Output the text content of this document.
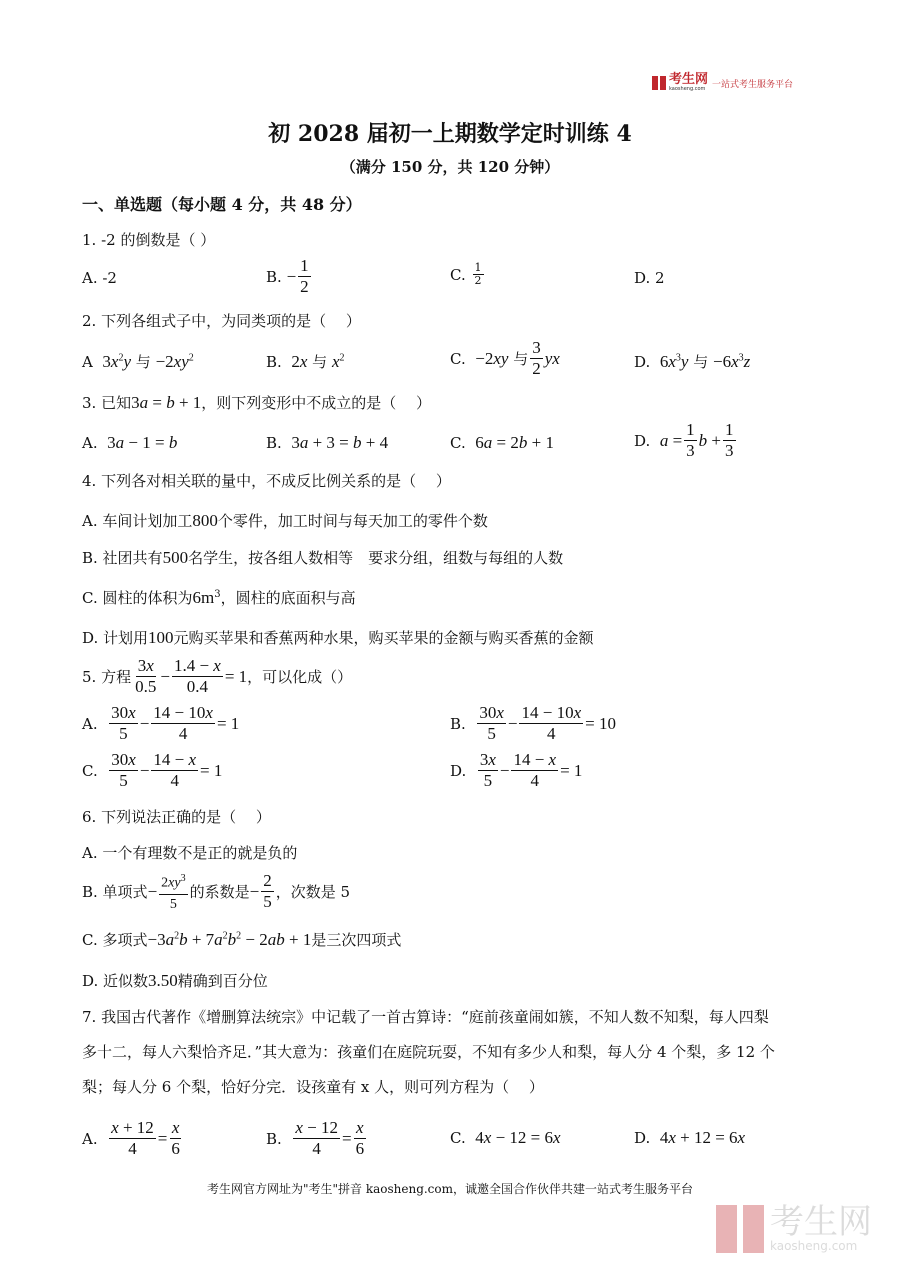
考生网
kaosheng.com 一站式考生服务平台
初 2028 届初一上期数学定时训练 4
（满分 150 分，共 120 分钟）
一、单选题（每小题 4 分，共 48 分）
1. -2 的倒数是（ ）
A. -2	B.
− $\frac{1}{2}$	C.
$\frac{1}{2}$	D. 2
2. 下列各组式子中，为同类项的是（　 ）
A $3x^2y$ 与 $-2xy^2$	B. 2x 与 $x^2$	C.
−2xy
与 $\frac{3}{2}$ yx	D. $6x^3y$ 与 $-6x^3z$
3. 已知3a = b + 1，则下列变形中不成立的是（　 ）
A. 3a − 1 = b	B. 3a + 3 = b + 4	C. 6a = 2b + 1	D.
$a = \frac{1}{3}$ $b + \frac{1}{3}$
4. 下列各对相关联的量中，不成反比例关系的是（　 ）
A. 车间计划加工800个零件，加工时间与每天加工的零件个数
B. 社团共有500名学生，按各组人数相等　要求分组，组数与每组的人数
C. 圆柱的体积为$6m^3$，圆柱的底面积与高
D. 计划用100元购买苹果和香蕉两种水果，购买苹果的金额与购买香蕉的金额
5. 方程 $\frac{3x}{0.5} - \frac{1.4 - x}{0.4} = 1$ ，可以化成（）
A.
$\frac{30x}{5} - \frac{14 - 10x}{4} = 1$	B.
$\frac{30x}{5} - \frac{14 - 10x}{4} = 10$
C.
$\frac{30x}{5} - \frac{14 - x}{4} = 1$	D.
$\frac{3x}{5} - \frac{14 - x}{4} = 1$
6. 下列说法正确的是（　 ）
A. 一个有理数不是正的就是负的
B. 单项式 − $\frac{2xy^3}{5}$ 的系数是 − $\frac{2}{5}$ ，次数是 5
C. 多项式$-3a^2b + 7a^2b^2 - 2ab + 1$是三次四项式
D. 近似数3.50精确到百分位
7. 我国古代著作《增删算法统宗》中记载了一首古算诗：“庭前孩童闹如簇，不知人数不知梨，每人四梨
多十二，每人六梨恰齐足．”其大意为：孩童们在庭院玩耍，不知有多少人和梨，每人分 4 个梨，多 12 个
梨；每人分 6 个梨，恰好分完．设孩童有 x 人，则可列方程为（　 ）
A.
$\frac{x + 12}{4} = \frac{x}{6}$	B.
$\frac{x - 12}{4} = \frac{x}{6}$	C. 4x − 12 = 6x	D. 4x + 12 = 6x
考生网官方网址为"考生"拼音 kaosheng.com，诚邀全国合作伙伴共建一站式考生服务平台
考生网
kaosheng.com
